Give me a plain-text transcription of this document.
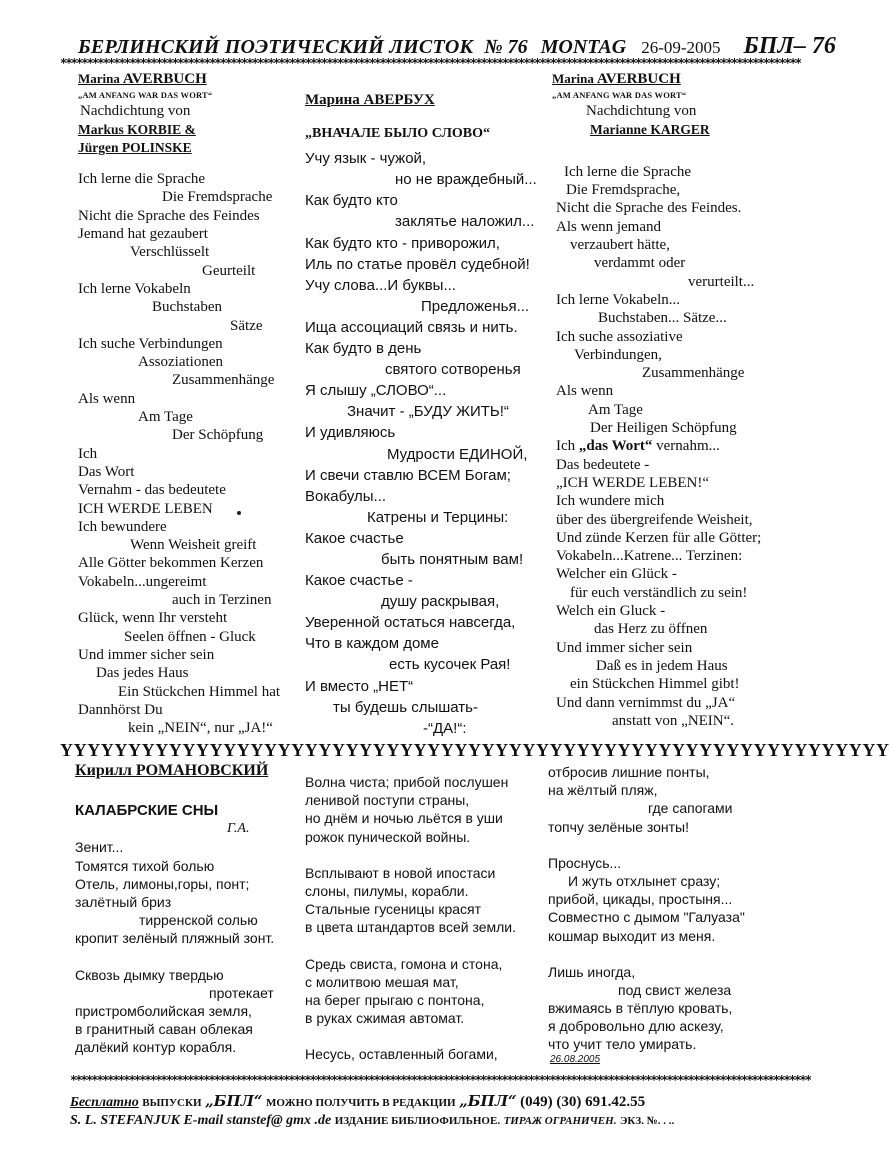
БЕРЛИНСКИЙ ПОЭТИЧЕСКИЙ ЛИСТОК № 76 MONTAG 26-09-2005 БПЛ– 76
*******************************************************************************************************************************************
Marina AVERBUCH
„AM ANFANG WAR DAS WORT“
Nachdichtung von
Markus KORBIE &
Jürgen POLINSKE
Ich lerne die Sprache
Die Fremdsprache
Nicht die Sprache des Feindes
Jemand hat gezaubert
Verschlüsselt
Geurteilt
Ich lerne Vokabeln
Buchstaben
Sätze
Ich suche Verbindungen
Assoziationen
Zusammenhänge
Als wenn
Am Tage
Der Schöpfung
Ich
Das Wort
Vernahm - das bedeutete
ICH WERDE LEBEN
Ich bewundere
Wenn Weisheit greift
Alle Götter bekommen Kerzen
Vokabeln...ungereimt
auch in Terzinen
Glück, wenn Ihr versteht
Seelen öffnen - Gluck
Und immer sicher sein
Das jedes Haus
Ein Stückchen Himmel hat
Dannhörst Du
kein „NEIN“, nur „JA!“
Марина АВЕРБУХ
„ВНАЧАЛЕ БЫЛО СЛОВО“
Учу язык - чужой,
но не враждебный...
Как будто кто
заклятье наложил...
Как будто кто - приворожил,
Иль по статье провёл судебной!
Учу слова...И буквы...
Предложенья...
Ища ассоциаций связь и нить.
Как будто в день
святого сотворенья
Я слышу „СЛОВО“...
Значит - „БУДУ ЖИТЬ!“
И удивляюсь
Мудрости ЕДИНОЙ,
И свечи ставлю ВСЕМ Богам;
Вокабулы...
Катрены и Терцины:
Какое счастье
быть понятным вам!
Какое счастье -
душу раскрывая,
Уверенной остаться навсегда,
Что в каждом доме
есть кусочек Рая!
И вместо „НЕТ“
ты будешь слышать-
-“ДА!“:
Marina AVERBUCH
„AM ANFANG WAR DAS WORT“
Nachdichtung von
Marianne KARGER
Ich lerne die Sprache
Die Fremdsprache,
Nicht die Sprache des Feindes.
Als wenn jemand
verzaubert hätte,
verdammt oder
verurteilt...
Ich lerne Vokabeln...
Buchstaben... Sätze...
Ich suche assoziative
Verbindungen,
Zusammenhänge
Als wenn
Am Tage
Der Heiligen Schöpfung
Ich „das Wort“ vernahm...
Das bedeutete -
„ICH WERDE LEBEN!“
Ich wundere mich
über des übergreifende Weisheit,
Und zünde Kerzen für alle Götter;
Vokabeln...Katrene... Terzinen:
Welcher ein Glück -
für euch verständlich zu sein!
Welch ein Gluck -
das Herz zu öffnen
Und immer sicher sein
Daß es in jedem Haus
ein Stückchen Himmel gibt!
Und dann vernimmst du „JA“
anstatt von „NEIN“.
YYYYYYYYYYYYYYYYYYYYYYYYYYYYYYYYYYYYYYYYYYYYYYYYYYYYYYYYYYYYY
Кирилл РОМАНОВСКИЙ
КАЛАБРСКИЕ СНЫ
Г.А.
Зенит...
Томятся тихой болью
Отель, лимоны,горы, понт;
залётный бриз
тирренской солью
кропит зелёный пляжный зонт.
Сквозь дымку твердью
протекает
пристромболийская земля,
в гранитный саван облекая
далёкий контур корабля.
Волна чиста; прибой послушен
ленивой поступи страны,
но днём и ночью льётся в уши
рожок пунической войны.
Всплывают в новой ипостаси
слоны, пилумы, корабли.
Стальные гусеницы красят
в цвета штандартов всей земли.
Средь свиста, гомона и стона,
с молитвою мешая мат,
на берег прыгаю с понтона,
в руках сжимая автомат.
Несусь, оставленный богами,
отбросив лишние понты,
на жёлтый пляж,
где сапогами
топчу зелёные зонты!
Проснусь...
И жуть отхлынет сразу;
прибой, цикады, простыня...
Совместно с дымом "Галуаза"
кошмар выходит из меня.
Лишь иногда,
под свист железа
вжимаясь в тёплую кровать,
я добровольно длю аскезу,
что учит тело умирать.
26.08.2005
*******************************************************************************************************************************************
Бесплатно ВЫПУСКИ „БПЛ“ МОЖНО ПОЛУЧИТЬ В РЕДАКЦИИ „БПЛ“ (049) (30) 691.42.55
S. L. STEFANJUK E-mail stanstef@ gmx .de ИЗДАНИЕ БИБЛИОФИЛЬНОЕ. ТИРАЖ ОГРАНИЧЕН. ЭКЗ. №. . ..
